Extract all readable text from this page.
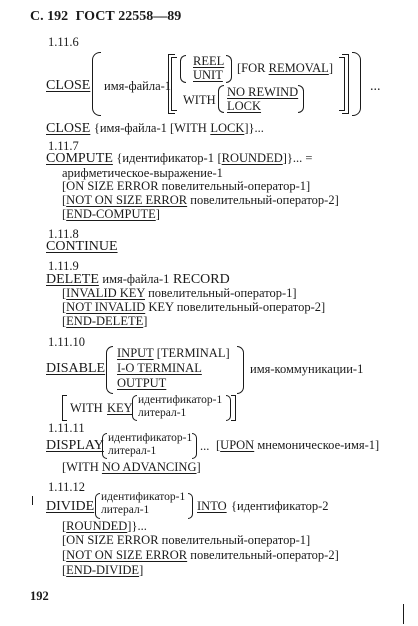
С. 192 ГОСТ 22558—89
1.11.6
CLOSE имя-файла-1
REEL
UNIT [FOR REMOVAL]
WITH
NO REWIND
LOCK
...
CLOSE {имя-файла-1 [WITH LOCK]}...
1.11.7
COMPUTE {идентификатор-1 [ROUNDED]}... =
арифметическое-выражение-1
[ON SIZE ERROR повелительный-оператор-1]
[NOT ON SIZE ERROR повелительный-оператор-2]
[END-COMPUTE]
1.11.8
CONTINUE
1.11.9
DELETE имя-файла-1 RECORD
[INVALID KEY повелительный-оператор-1]
[NOT INVALID KEY повелительный-оператор-2]
[END-DELETE]
1.11.10
DISABLE
INPUT [TERMINAL]
I-O TERMINAL
OUTPUT
имя-коммуникации-1
WITH KEY
идентификатор-1
литерал-1
1.11.11
DISPLAY идентификатор-1
литерал-1	... [UPON мнемоническое-имя-1]
[WITH NO ADVANCING]
1.11.12
DIVIDE
идентификатор-1
литерал-1	INTO {идентификатор-2
[ROUNDED]}...
[ON SIZE ERROR повелительный-оператор-1]
[NOT ON SIZE ERROR повелительный-оператор-2]
[END-DIVIDE]
192
